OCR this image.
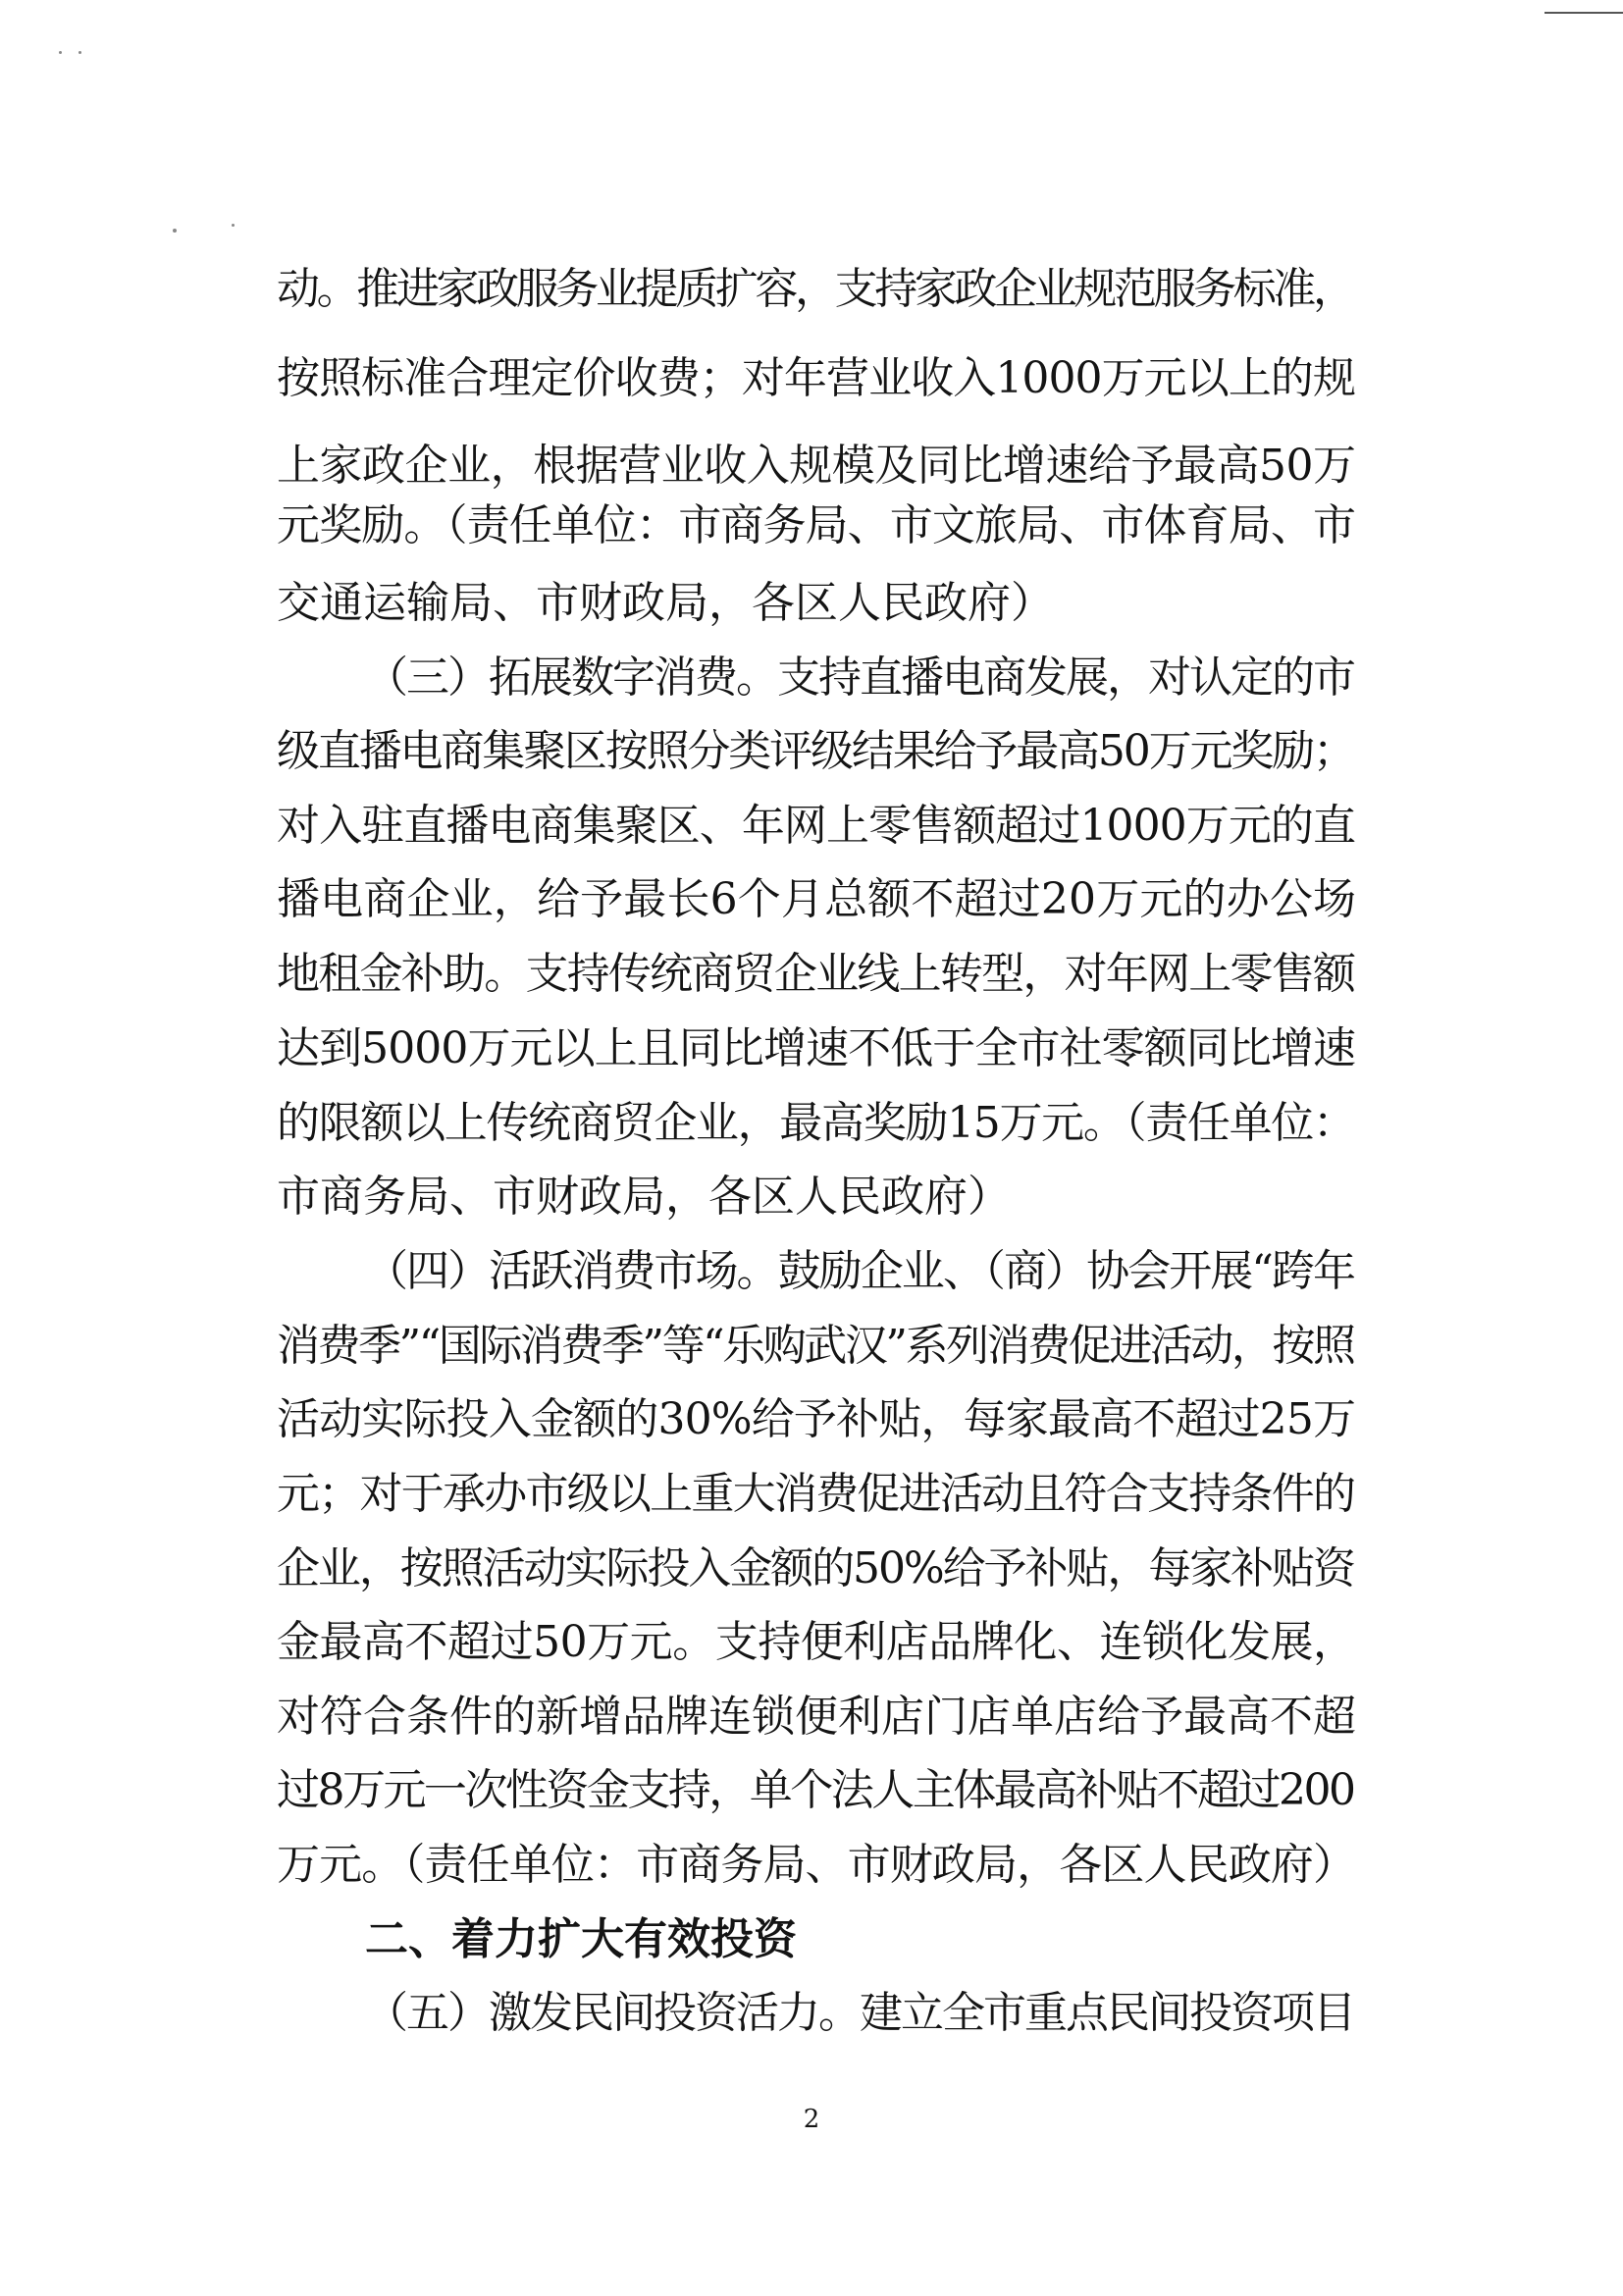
动。推进家政服务业提质扩容，支持家政企业规范服务标准，
按照标准合理定价收费；对年营业收入1000万元以上的规
上家政企业，根据营业收入规模及同比增速给予最高50万
元奖励。（责任单位：市商务局、市文旅局、市体育局、市
交通运输局、市财政局，各区人民政府）
（三）拓展数字消费。支持直播电商发展，对认定的市
级直播电商集聚区按照分类评级结果给予最高50万元奖励；
对入驻直播电商集聚区、年网上零售额超过1000万元的直
播电商企业，给予最长6个月总额不超过20万元的办公场
地租金补助。支持传统商贸企业线上转型，对年网上零售额
达到5000万元以上且同比增速不低于全市社零额同比增速
的限额以上传统商贸企业，最高奖励15万元。（责任单位：
市商务局、市财政局，各区人民政府）
（四）活跃消费市场。鼓励企业、（商）协会开展“跨年
消费季”“国际消费季”等“乐购武汉”系列消费促进活动，按照
活动实际投入金额的30%给予补贴，每家最高不超过25万
元；对于承办市级以上重大消费促进活动且符合支持条件的
企业，按照活动实际投入金额的50%给予补贴，每家补贴资
金最高不超过50万元。支持便利店品牌化、连锁化发展，
对符合条件的新增品牌连锁便利店门店单店给予最高不超
过8万元一次性资金支持，单个法人主体最高补贴不超过200
万元。（责任单位：市商务局、市财政局，各区人民政府）
二、着力扩大有效投资
（五）激发民间投资活力。建立全市重点民间投资项目
2
